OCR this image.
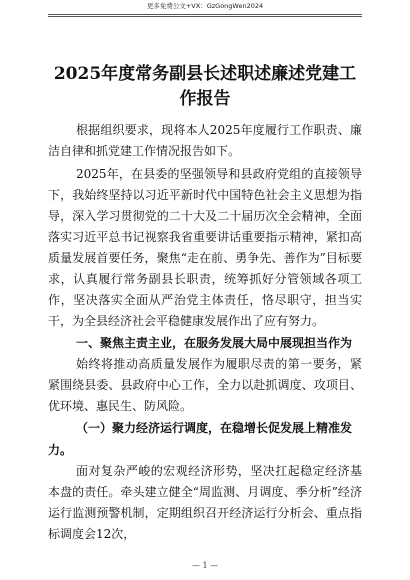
更多免费公文+VX：GzGongWen2024
2025年度常务副县长述职述廉述党建工作报告

根据组织要求，现将本人2025年度履行工作职责、廉洁自律和抓党建工作情况报告如下。

2025年，在县委的坚强领导和县政府党组的直接领导下，我始终坚持以习近平新时代中国特色社会主义思想为指导，深入学习贯彻党的二十大及二十届历次全会精神，全面落实习近平总书记视察我省重要讲话重要指示精神，紧扣高质量发展首要任务，聚焦“走在前、勇争先、善作为”目标要求，认真履行常务副县长职责，统筹抓好分管领域各项工作，坚决落实全面从严治党主体责任，恪尽职守，担当实干，为全县经济社会平稳健康发展作出了应有努力。

一、聚焦主责主业，在服务发展大局中展现担当作为

始终将推动高质量发展作为履职尽责的第一要务，紧紧围绕县委、县政府中心工作，全力以赴抓调度、攻项目、优环境、惠民生、防风险。

（一）聚力经济运行调度，在稳增长促发展上精准发力。

面对复杂严峻的宏观经济形势，坚决扛起稳定经济基本盘的责任。牵头建立健全“周监测、月调度、季分析”经济运行监测预警机制，定期组织召开经济运行分析会、重点指标调度会12次，

— 1 —
